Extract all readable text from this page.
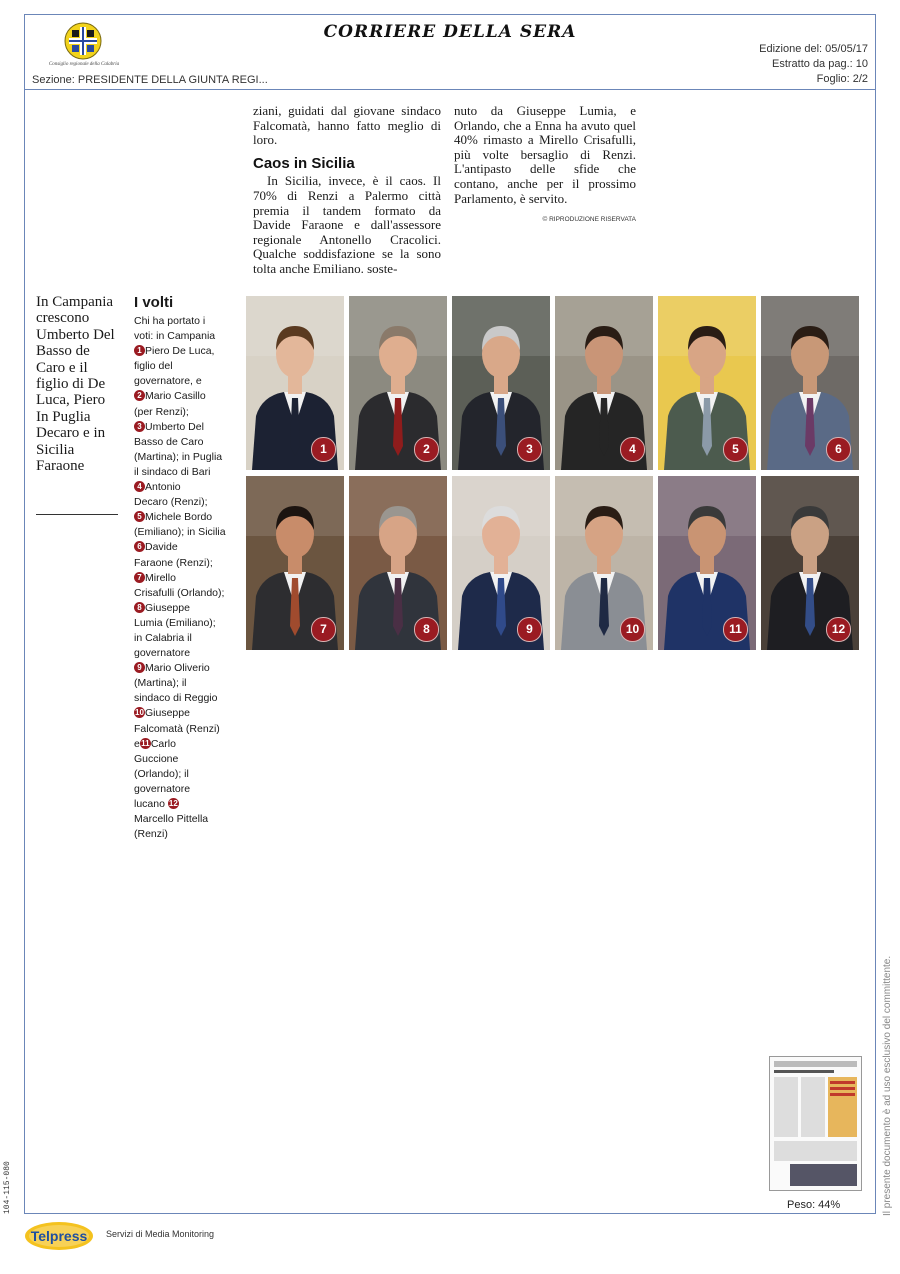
Consiglio regionale della Calabria
CORRIERE DELLA SERA
Sezione: PRESIDENTE DELLA GIUNTA REGI...
Edizione del: 05/05/17
Estratto da pag.: 10
Foglio: 2/2
ziani, guidati dal giovane sindaco Falcomatà, hanno fatto meglio di loro.
Caos in Sicilia
In Sicilia, invece, è il caos. Il 70% di Renzi a Palermo città premia il tandem formato da Davide Faraone e dall'assessore regionale Antonello Cracolici. Qualche soddisfazione se la sono tolta anche Emiliano. soste-
nuto da Giuseppe Lumia, e Orlando, che a Enna ha avuto quel 40% rimasto a Mirello Crisafulli, più volte bersaglio di Renzi. L'antipasto delle sfide che contano, anche per il prossimo Parlamento, è servito.
© RIPRODUZIONE RISERVATA
In Campania crescono Umberto Del Basso de Caro e il figlio di De Luca, Piero In Puglia Decaro e in Sicilia Faraone
I volti
Chi ha portato i
voti: in Campania
1 Piero De Luca,
figlio del
governatore, e
2 Mario Casillo
(per Renzi);
3 Umberto Del
Basso de Caro
(Martina); in Puglia
il sindaco di Bari
4 Antonio
Decaro (Renzi);
5 Michele Bordo
(Emiliano); in Sicilia
6 Davide
Faraone (Renzi);
7 Mirello
Crisafulli (Orlando);
8 Giuseppe
Lumia (Emiliano);
in Calabria il
governatore
9 Mario Oliverio
(Martina); il
sindaco di Reggio
10Giuseppe
Falcomatà (Renzi)
e11Carlo
Guccione
(Orlando); il
governatore
lucano 12
Marcello Pittella
(Renzi)
1	2	3	4	5	6
7	8	9	10	11	12
Peso: 44%
104-115-080	Il presente documento è ad uso esclusivo del committente.
Telpress Servizi di Media Monitoring
